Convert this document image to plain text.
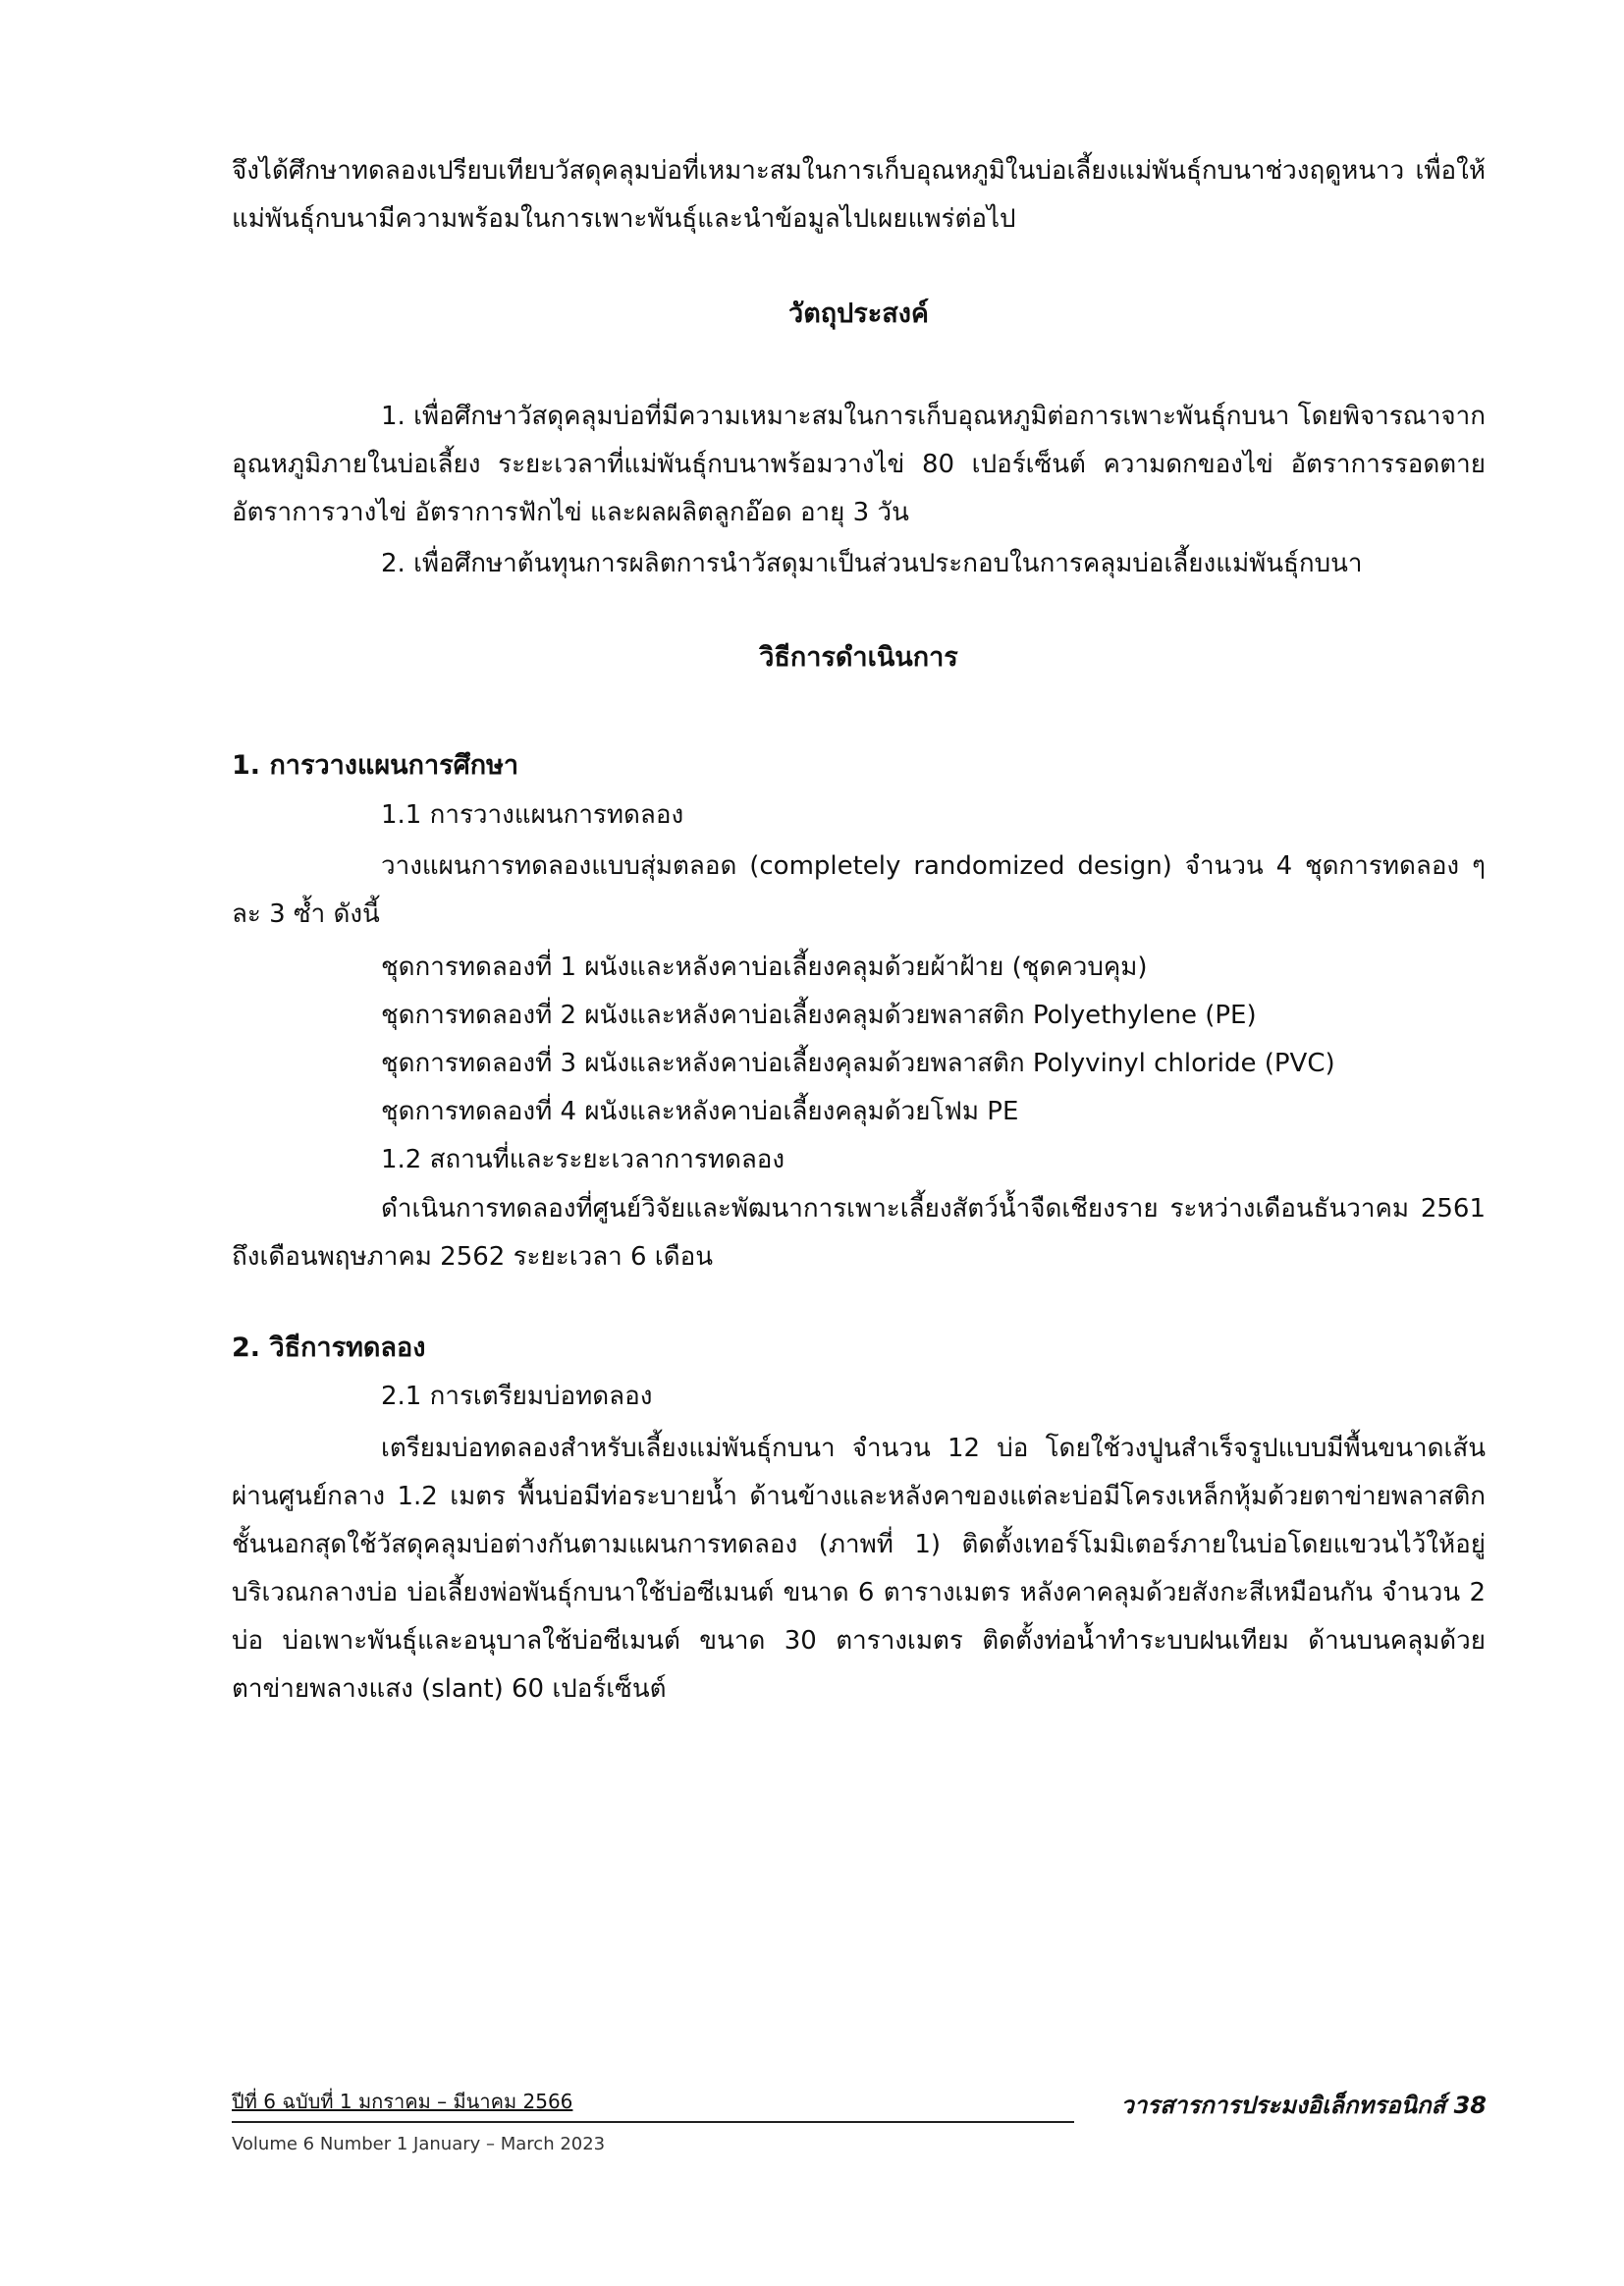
จึงได้ศึกษาทดลองเปรียบเทียบวัสดุคลุมบ่อที่เหมาะสมในการเก็บอุณหภูมิในบ่อเลี้ยงแม่พันธุ์กบนาช่วงฤดูหนาว เพื่อให้แม่พันธุ์กบนามีความพร้อมในการเพาะพันธุ์และนำข้อมูลไปเผยแพร่ต่อไป
วัตถุประสงค์
1. เพื่อศึกษาวัสดุคลุมบ่อที่มีความเหมาะสมในการเก็บอุณหภูมิต่อการเพาะพันธุ์กบนา โดยพิจารณาจากอุณหภูมิภายในบ่อเลี้ยง ระยะเวลาที่แม่พันธุ์กบนาพร้อมวางไข่ 80 เปอร์เซ็นต์ ความดกของไข่ อัตราการรอดตาย อัตราการวางไข่ อัตราการฟักไข่ และผลผลิตลูกอ๊อด อายุ 3 วัน
2. เพื่อศึกษาต้นทุนการผลิตการนำวัสดุมาเป็นส่วนประกอบในการคลุมบ่อเลี้ยงแม่พันธุ์กบนา
วิธีการดำเนินการ
1. การวางแผนการศึกษา
1.1 การวางแผนการทดลอง
วางแผนการทดลองแบบสุ่มตลอด (completely randomized design) จำนวน 4 ชุดการทดลอง ๆ ละ 3 ซ้ำ ดังนี้
ชุดการทดลองที่ 1 ผนังและหลังคาบ่อเลี้ยงคลุมด้วยผ้าฝ้าย (ชุดควบคุม)
ชุดการทดลองที่ 2 ผนังและหลังคาบ่อเลี้ยงคลุมด้วยพลาสติก Polyethylene (PE)
ชุดการทดลองที่ 3 ผนังและหลังคาบ่อเลี้ยงคุลมด้วยพลาสติก Polyvinyl chloride (PVC)
ชุดการทดลองที่ 4 ผนังและหลังคาบ่อเลี้ยงคลุมด้วยโฟม PE
1.2 สถานที่และระยะเวลาการทดลอง
ดำเนินการทดลองที่ศูนย์วิจัยและพัฒนาการเพาะเลี้ยงสัตว์น้ำจืดเชียงราย ระหว่างเดือนธันวาคม 2561 ถึงเดือนพฤษภาคม 2562 ระยะเวลา 6 เดือน
2. วิธีการทดลอง
2.1 การเตรียมบ่อทดลอง
เตรียมบ่อทดลองสำหรับเลี้ยงแม่พันธุ์กบนา จำนวน 12 บ่อ โดยใช้วงปูนสำเร็จรูปแบบมีพื้นขนาดเส้นผ่านศูนย์กลาง 1.2 เมตร พื้นบ่อมีท่อระบายน้ำ ด้านข้างและหลังคาของแต่ละบ่อมีโครงเหล็กหุ้มด้วยตาข่ายพลาสติก ชั้นนอกสุดใช้วัสดุคลุมบ่อต่างกันตามแผนการทดลอง (ภาพที่ 1) ติดตั้งเทอร์โมมิเตอร์ภายในบ่อโดยแขวนไว้ให้อยู่บริเวณกลางบ่อ บ่อเลี้ยงพ่อพันธุ์กบนาใช้บ่อซีเมนต์ ขนาด 6 ตารางเมตร หลังคาคลุมด้วยสังกะสีเหมือนกัน จำนวน 2 บ่อ บ่อเพาะพันธุ์และอนุบาลใช้บ่อซีเมนต์ ขนาด 30 ตารางเมตร ติดตั้งท่อน้ำทำระบบฝนเทียม ด้านบนคลุมด้วยตาข่ายพลางแสง (slant) 60 เปอร์เซ็นต์
ปีที่ 6 ฉบับที่ 1 มกราคม – มีนาคม 2566
Volume 6 Number 1 January – March 2023
วารสารการประมงอิเล็กทรอนิกส์ 38
